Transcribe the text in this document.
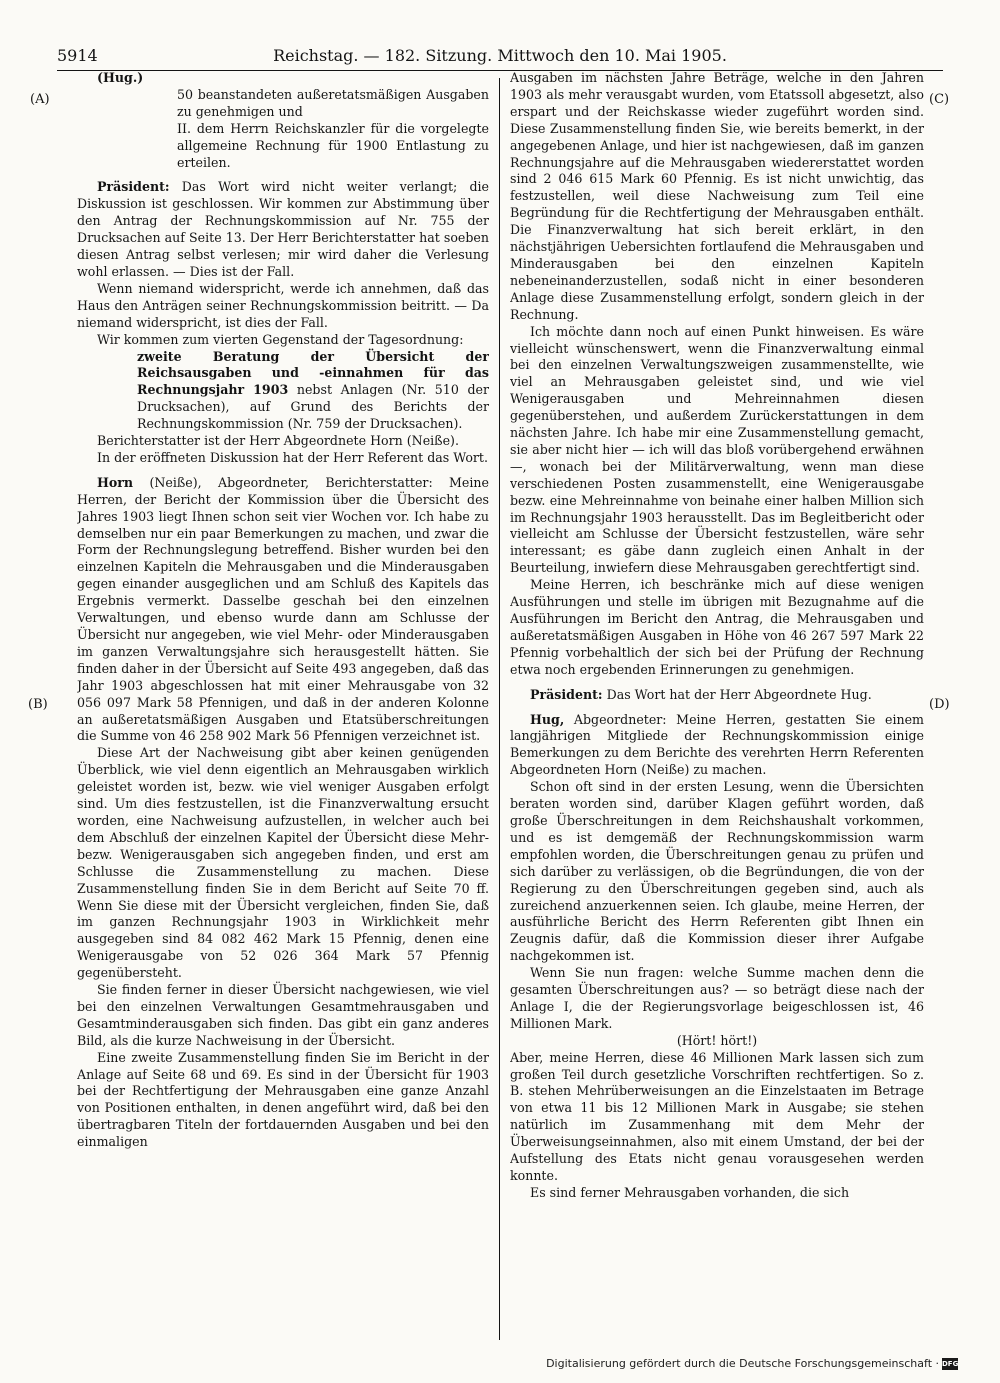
5914	Reichstag. — 182. Sitzung. Mittwoch den 10. Mai 1905.
(A)
(B)
(C)
(D)

(Hug.)

50 beanstandeten außeretatsmäßigen Ausgaben zu genehmigen und

II. dem Herrn Reichskanzler für die vorgelegte allgemeine Rechnung für 1900 Entlastung zu erteilen.

Präsident: Das Wort wird nicht weiter verlangt; die Diskussion ist geschlossen. Wir kommen zur Abstimmung über den Antrag der Rechnungskommission auf Nr. 755 der Drucksachen auf Seite 13. Der Herr Berichterstatter hat soeben diesen Antrag selbst verlesen; mir wird daher die Verlesung wohl erlassen. — Dies ist der Fall.

Wenn niemand widerspricht, werde ich annehmen, daß das Haus den Anträgen seiner Rechnungskommission beitritt. — Da niemand widerspricht, ist dies der Fall.

Wir kommen zum vierten Gegenstand der Tagesordnung:

zweite Beratung der Übersicht der Reichsausgaben und -einnahmen für das Rechnungsjahr 1903 nebst Anlagen (Nr. 510 der Drucksachen), auf Grund des Berichts der Rechnungskommission (Nr. 759 der Drucksachen).

Berichterstatter ist der Herr Abgeordnete Horn (Neiße).

In der eröffneten Diskussion hat der Herr Referent das Wort.

Horn (Neiße), Abgeordneter, Berichterstatter: Meine Herren, der Bericht der Kommission über die Übersicht des Jahres 1903 liegt Ihnen schon seit vier Wochen vor. Ich habe zu demselben nur ein paar Bemerkungen zu machen, und zwar die Form der Rechnungslegung betreffend. Bisher wurden bei den einzelnen Kapiteln die Mehrausgaben und die Minderausgaben gegen einander ausgeglichen und am Schluß des Kapitels das Ergebnis vermerkt. Dasselbe geschah bei den einzelnen Verwaltungen, und ebenso wurde dann am Schlusse der Übersicht nur angegeben, wie viel Mehr- oder Minderausgaben im ganzen Verwaltungsjahre sich herausgestellt hätten. Sie finden daher in der Übersicht auf Seite 493 angegeben, daß das Jahr 1903 abgeschlossen hat mit einer Mehrausgabe von 32 056 097 Mark 58 Pfennigen, und daß in der anderen Kolonne an außeretatsmäßigen Ausgaben und Etatsüberschreitungen die Summe von 46 258 902 Mark 56 Pfennigen verzeichnet ist.

Diese Art der Nachweisung gibt aber keinen genügenden Überblick, wie viel denn eigentlich an Mehrausgaben wirklich geleistet worden ist, bezw. wie viel weniger Ausgaben erfolgt sind. Um dies festzustellen, ist die Finanzverwaltung ersucht worden, eine Nachweisung aufzustellen, in welcher auch bei dem Abschluß der einzelnen Kapitel der Übersicht diese Mehr- bezw. Wenigerausgaben sich angegeben finden, und erst am Schlusse die Zusammenstellung zu machen. Diese Zusammenstellung finden Sie in dem Bericht auf Seite 70 ff. Wenn Sie diese mit der Übersicht vergleichen, finden Sie, daß im ganzen Rechnungsjahr 1903 in Wirklichkeit mehr ausgegeben sind 84 082 462 Mark 15 Pfennig, denen eine Wenigerausgabe von 52 026 364 Mark 57 Pfennig gegenübersteht.

Sie finden ferner in dieser Übersicht nachgewiesen, wie viel bei den einzelnen Verwaltungen Gesamtmehrausgaben und Gesamtminderausgaben sich finden. Das gibt ein ganz anderes Bild, als die kurze Nachweisung in der Übersicht.

Eine zweite Zusammenstellung finden Sie im Bericht in der Anlage auf Seite 68 und 69. Es sind in der Übersicht für 1903 bei der Rechtfertigung der Mehrausgaben eine ganze Anzahl von Positionen enthalten, in denen angeführt wird, daß bei den übertragbaren Titeln der fortdauernden Ausgaben und bei den einmaligen

Ausgaben im nächsten Jahre Beträge, welche in den Jahren 1903 als mehr verausgabt wurden, vom Etatssoll abgesetzt, also erspart und der Reichskasse wieder zugeführt worden sind. Diese Zusammenstellung finden Sie, wie bereits bemerkt, in der angegebenen Anlage, und hier ist nachgewiesen, daß im ganzen Rechnungsjahre auf die Mehrausgaben wiedererstattet worden sind 2 046 615 Mark 60 Pfennig. Es ist nicht unwichtig, das festzustellen, weil diese Nachweisung zum Teil eine Begründung für die Rechtfertigung der Mehrausgaben enthält. Die Finanzverwaltung hat sich bereit erklärt, in den nächstjährigen Uebersichten fortlaufend die Mehrausgaben und Minderausgaben bei den einzelnen Kapiteln nebeneinanderzustellen, sodaß nicht in einer besonderen Anlage diese Zusammenstellung erfolgt, sondern gleich in der Rechnung.

Ich möchte dann noch auf einen Punkt hinweisen. Es wäre vielleicht wünschenswert, wenn die Finanzverwaltung einmal bei den einzelnen Verwaltungszweigen zusammenstellte, wie viel an Mehrausgaben geleistet sind, und wie viel Wenigerausgaben und Mehreinnahmen diesen gegenüberstehen, und außerdem Zurückerstattungen in dem nächsten Jahre. Ich habe mir eine Zusammenstellung gemacht, sie aber nicht hier — ich will das bloß vorübergehend erwähnen —, wonach bei der Militärverwaltung, wenn man diese verschiedenen Posten zusammenstellt, eine Wenigerausgabe bezw. eine Mehreinnahme von beinahe einer halben Million sich im Rechnungsjahr 1903 herausstellt. Das im Begleitbericht oder vielleicht am Schlusse der Übersicht festzustellen, wäre sehr interessant; es gäbe dann zugleich einen Anhalt in der Beurteilung, inwiefern diese Mehrausgaben gerechtfertigt sind.

Meine Herren, ich beschränke mich auf diese wenigen Ausführungen und stelle im übrigen mit Bezugnahme auf die Ausführungen im Bericht den Antrag, die Mehrausgaben und außeretatsmäßigen Ausgaben in Höhe von 46 267 597 Mark 22 Pfennig vorbehaltlich der sich bei der Prüfung der Rechnung etwa noch ergebenden Erinnerungen zu genehmigen.

Präsident: Das Wort hat der Herr Abgeordnete Hug.

Hug, Abgeordneter: Meine Herren, gestatten Sie einem langjährigen Mitgliede der Rechnungskommission einige Bemerkungen zu dem Berichte des verehrten Herrn Referenten Abgeordneten Horn (Neiße) zu machen.

Schon oft sind in der ersten Lesung, wenn die Übersichten beraten worden sind, darüber Klagen geführt worden, daß große Überschreitungen in dem Reichshaushalt vorkommen, und es ist demgemäß der Rechnungskommission warm empfohlen worden, die Überschreitungen genau zu prüfen und sich darüber zu verlässigen, ob die Begründungen, die von der Regierung zu den Überschreitungen gegeben sind, auch als zureichend anzuerkennen seien. Ich glaube, meine Herren, der ausführliche Bericht des Herrn Referenten gibt Ihnen ein Zeugnis dafür, daß die Kommission dieser ihrer Aufgabe nachgekommen ist.

Wenn Sie nun fragen: welche Summe machen denn die gesamten Überschreitungen aus? — so beträgt diese nach der Anlage I, die der Regierungsvorlage beigeschlossen ist, 46 Millionen Mark.

(Hört! hört!)

Aber, meine Herren, diese 46 Millionen Mark lassen sich zum großen Teil durch gesetzliche Vorschriften rechtfertigen. So z. B. stehen Mehrüberweisungen an die Einzelstaaten im Betrage von etwa 11 bis 12 Millionen Mark in Ausgabe; sie stehen natürlich im Zusammenhang mit dem Mehr der Überweisungseinnahmen, also mit einem Umstand, der bei der Aufstellung des Etats nicht genau vorausgesehen werden konnte.

Es sind ferner Mehrausgaben vorhanden, die sich

Digitalisierung gefördert durch die Deutsche Forschungsgemeinschaft · DFG
